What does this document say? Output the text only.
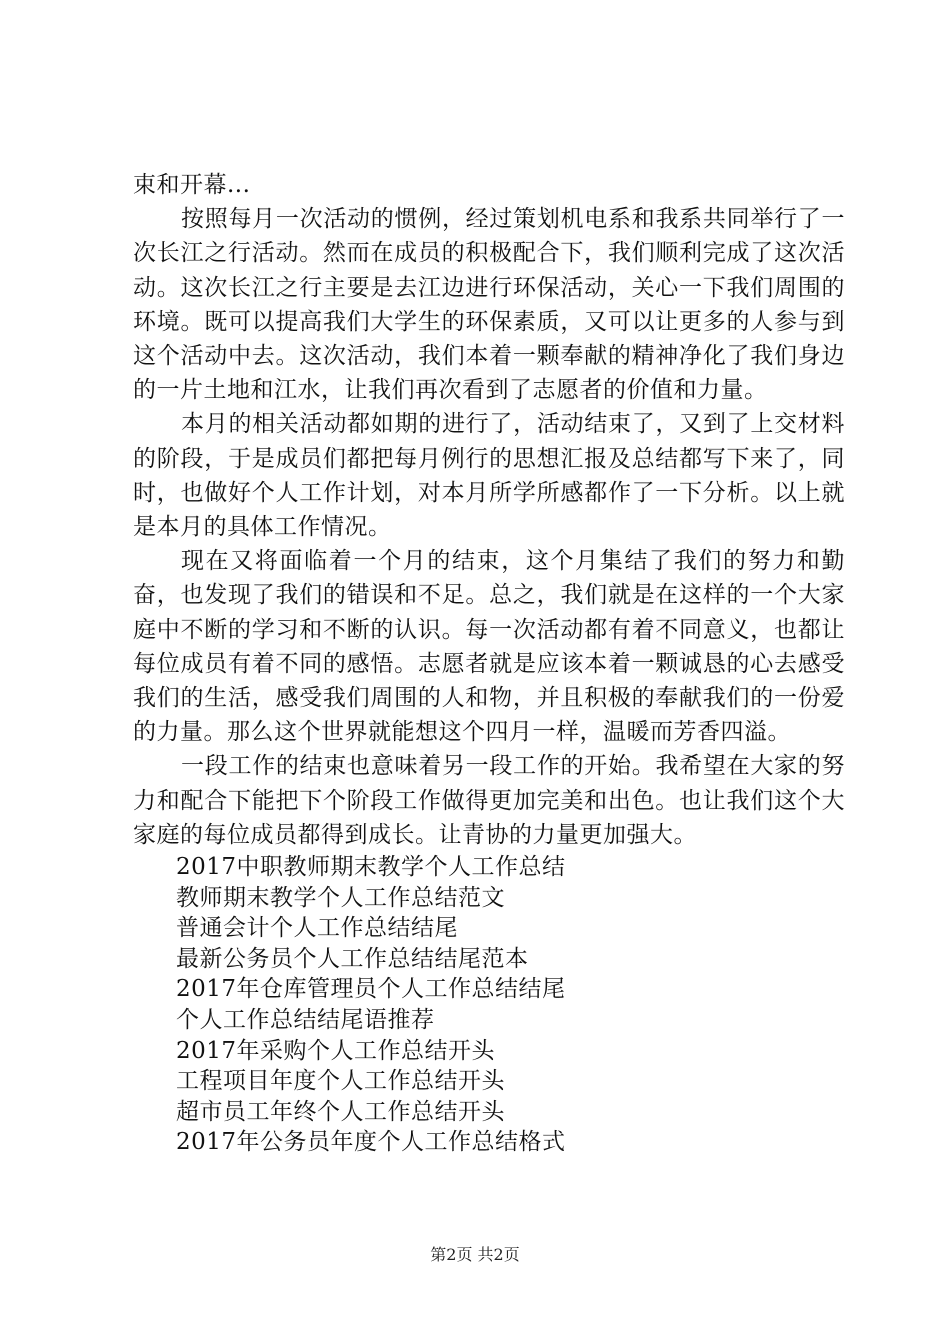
束和开幕...

按照每月一次活动的惯例，经过策划机电系和我系共同举行了一次长江之行活动。然而在成员的积极配合下，我们顺利完成了这次活动。这次长江之行主要是去江边进行环保活动，关心一下我们周围的环境。既可以提高我们大学生的环保素质，又可以让更多的人参与到这个活动中去。这次活动，我们本着一颗奉献的精神净化了我们身边的一片土地和江水，让我们再次看到了志愿者的价值和力量。

本月的相关活动都如期的进行了，活动结束了，又到了上交材料的阶段，于是成员们都把每月例行的思想汇报及总结都写下来了，同时，也做好个人工作计划，对本月所学所感都作了一下分析。以上就是本月的具体工作情况。

现在又将面临着一个月的结束，这个月集结了我们的努力和勤奋，也发现了我们的错误和不足。总之，我们就是在这样的一个大家庭中不断的学习和不断的认识。每一次活动都有着不同意义，也都让每位成员有着不同的感悟。志愿者就是应该本着一颗诚恳的心去感受我们的生活，感受我们周围的人和物，并且积极的奉献我们的一份爱的力量。那么这个世界就能想这个四月一样，温暖而芳香四溢。

一段工作的结束也意味着另一段工作的开始。我希望在大家的努力和配合下能把下个阶段工作做得更加完美和出色。也让我们这个大家庭的每位成员都得到成长。让青协的力量更加强大。

2017中职教师期末教学个人工作总结
教师期末教学个人工作总结范文
普通会计个人工作总结结尾
最新公务员个人工作总结结尾范本
2017年仓库管理员个人工作总结结尾
个人工作总结结尾语推荐
2017年采购个人工作总结开头
工程项目年度个人工作总结开头
超市员工年终个人工作总结开头
2017年公务员年度个人工作总结格式
第2页 共2页
